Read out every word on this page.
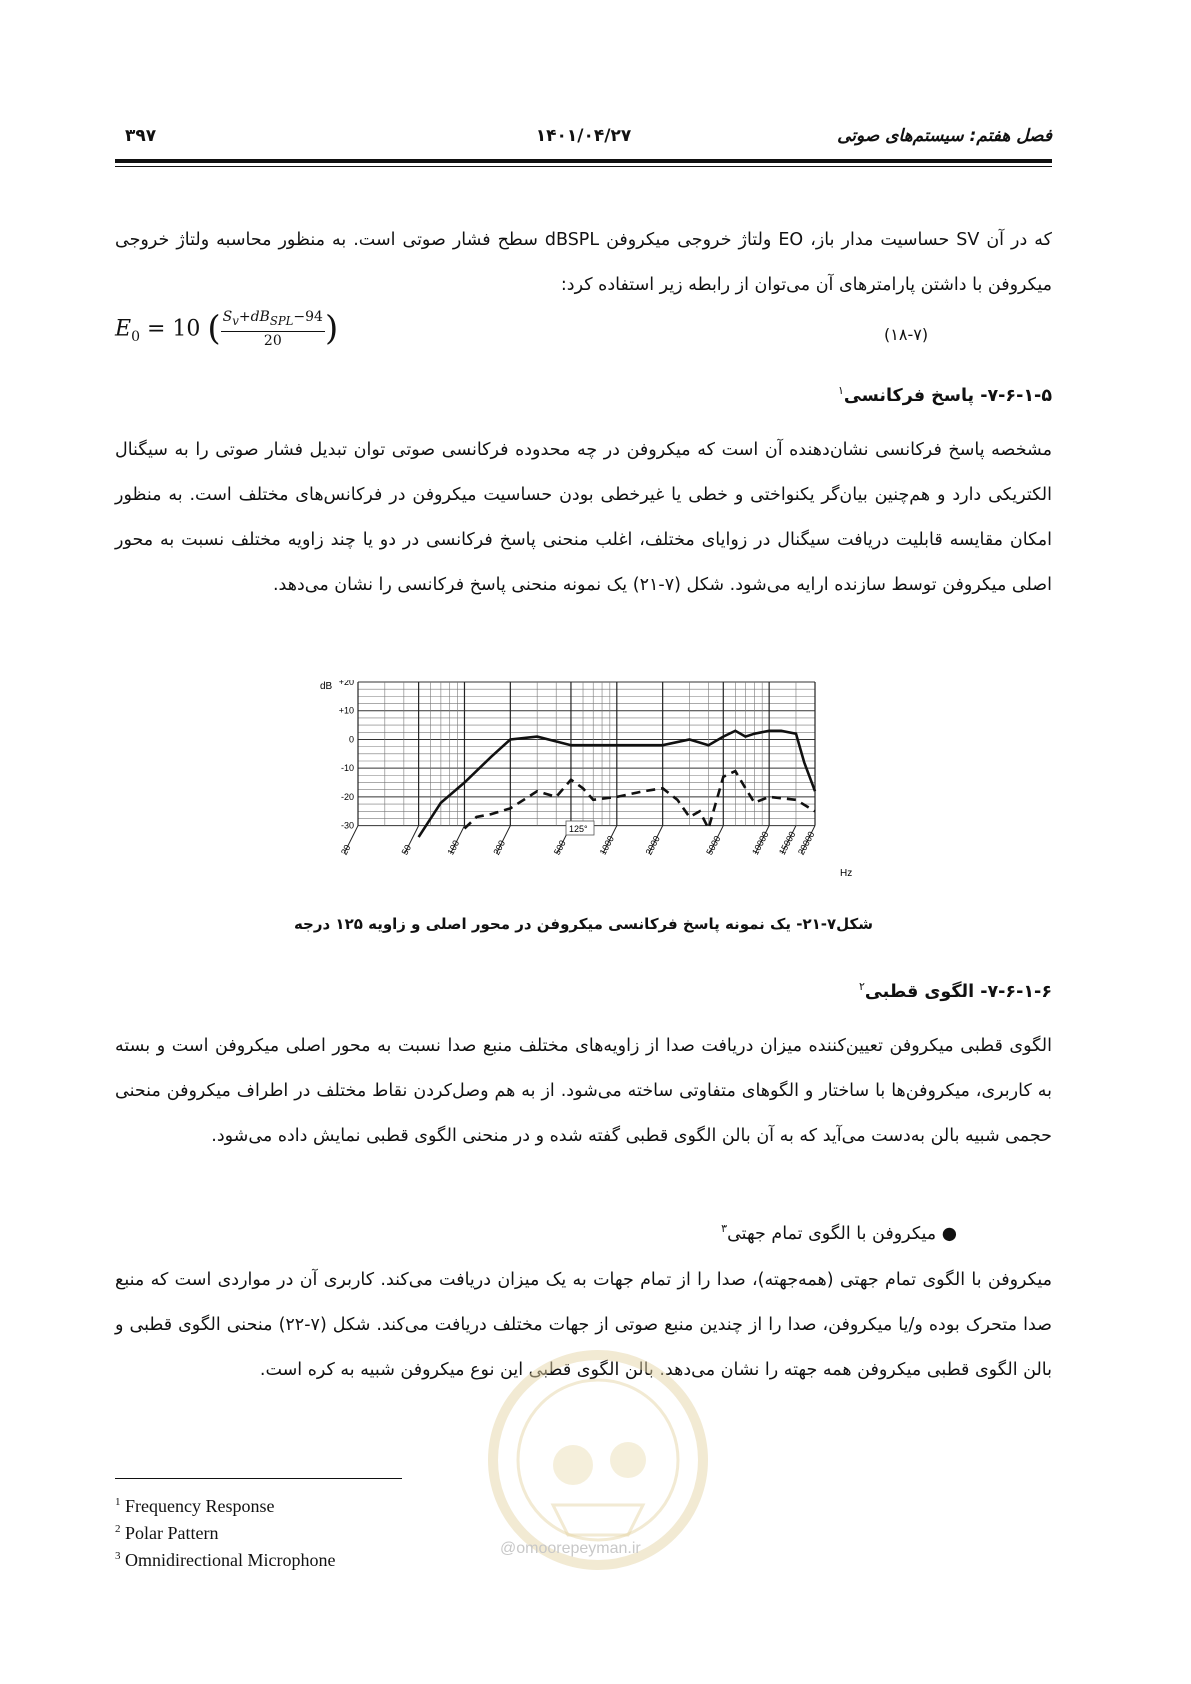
۳۹۷	۱۴۰۱/۰۴/۲۷	فصل هفتم: سیستم‌های صوتی
که در آن SV حساسیت مدار باز، EO ولتاژ خروجی میکروفن dBSPL سطح فشار صوتی است. به منظور محاسبه ولتاژ خروجی میکروفن با داشتن پارامترهای آن می‌توان از رابطه زیر استفاده کرد:
$E_0 = 10$ ( $S_v+dB_{SPL}-94$
20	)	(۱۸-۷)
۷-۶-۱-۵- پاسخ فرکانسی$^۱$
مشخصه پاسخ فرکانسی نشان‌دهنده آن است که میکروفن در چه محدوده فرکانسی صوتی توان تبدیل فشار صوتی را به سیگنال الکتریکی دارد و هم‌چنین بیان‌گر یکنواختی و خطی یا غیرخطی بودن حساسیت میکروفن در فرکانس‌های مختلف است. به منظور امکان مقایسه قابلیت دریافت سیگنال در زوایای مختلف، اغلب منحنی پاسخ فرکانسی در دو یا چند زاویه مختلف نسبت به محور اصلی میکروفن توسط سازنده ارایه می‌شود. شکل (۷-۲۱) یک نمونه منحنی پاسخ فرکانسی را نشان می‌دهد.
+20
+10
0
-10
-20
-30
20	50	100	200	500	1000	2000	5000	10000 15000
20000
dB
Hz
125°
شکل۷-۲۱- یک نمونه پاسخ فرکانسی میکروفن در محور اصلی و زاویه ۱۲۵ درجه
۷-۶-۱-۶- الگوی قطبی$^۲$
الگوی قطبی میکروفن تعیین‌کننده میزان دریافت صدا از زاویه‌های مختلف منبع صدا نسبت به محور اصلی میکروفن است و بسته به کاربری، میکروفن‌ها با ساختار و الگوهای متفاوتی ساخته می‌شود. از به هم وصل‌کردن نقاط مختلف در اطراف میکروفن منحنی حجمی شبیه بالن به‌دست می‌آید که به آن بالن الگوی قطبی گفته شده و در منحنی الگوی قطبی نمایش داده می‌شود.
● میکروفن با الگوی تمام جهتی$^۳$
میکروفن با الگوی تمام جهتی (همه‌جهته)، صدا را از تمام جهات به یک میزان دریافت می‌کند. کاربری آن در مواردی است که منبع صدا متحرک بوده و/یا میکروفن، صدا را از چندین منبع صوتی از جهات مختلف دریافت می‌کند. شکل (۷-۲۲) منحنی الگوی قطبی و بالن الگوی قطبی میکروفن همه جهته را نشان می‌دهد. بالن الگوی قطبی این نوع میکروفن شبیه به کره است.
@omoorepeyman.ir
$^1$ Frequency Response
$^2$ Polar Pattern
$^3$ Omnidirectional Microphone
